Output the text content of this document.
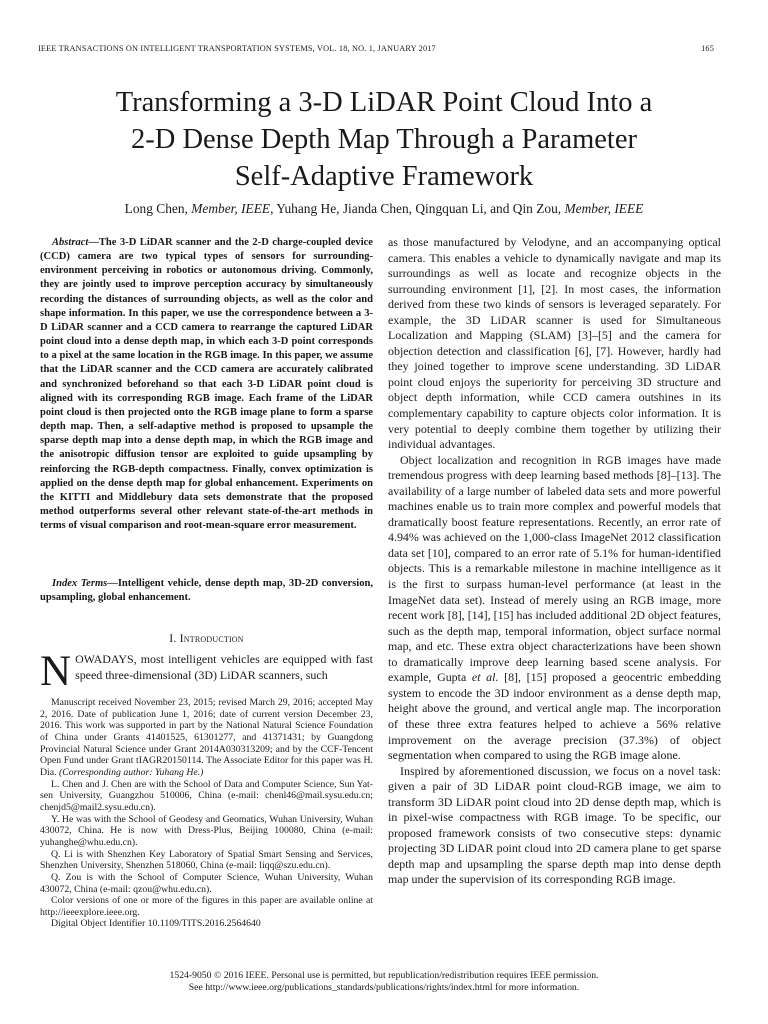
IEEE TRANSACTIONS ON INTELLIGENT TRANSPORTATION SYSTEMS, VOL. 18, NO. 1, JANUARY 2017	165
Transforming a 3-D LiDAR Point Cloud Into a
2-D Dense Depth Map Through a Parameter
Self-Adaptive Framework
Long Chen, Member, IEEE, Yuhang He, Jianda Chen, Qingquan Li, and Qin Zou, Member, IEEE
Abstract—The 3-D LiDAR scanner and the 2-D charge-coupled device (CCD) camera are two typical types of sensors for surrounding-environment perceiving in robotics or autonomous driving. Commonly, they are jointly used to improve perception accuracy by simultaneously recording the distances of surrounding objects, as well as the color and shape information. In this paper, we use the correspondence between a 3-D LiDAR scanner and a CCD camera to rearrange the captured LiDAR point cloud into a dense depth map, in which each 3-D point corresponds to a pixel at the same location in the RGB image. In this paper, we assume that the LiDAR scanner and the CCD camera are accurately calibrated and synchronized beforehand so that each 3-D LiDAR point cloud is aligned with its corresponding RGB image. Each frame of the LiDAR point cloud is then projected onto the RGB image plane to form a sparse depth map. Then, a self-adaptive method is proposed to upsample the sparse depth map into a dense depth map, in which the RGB image and the anisotropic diffusion tensor are exploited to guide upsampling by reinforcing the RGB-depth compactness. Finally, convex optimization is applied on the dense depth map for global enhancement. Experiments on the KITTI and Middlebury data sets demonstrate that the proposed method outperforms several other relevant state-of-the-art methods in terms of visual comparison and root-mean-square error measurement.
Index Terms—Intelligent vehicle, dense depth map, 3D-2D conversion, upsampling, global enhancement.
I. Introduction
NOWADAYS, most intelligent vehicles are equipped with fast speed three-dimensional (3D) LiDAR scanners, such

Manuscript received November 23, 2015; revised March 29, 2016; accepted May 2, 2016. Date of publication June 1, 2016; date of current version December 23, 2016. This work was supported in part by the National Natural Science Foundation of China under Grants 41401525, 61301277, and 41371431; by Guangdong Provincial Natural Science under Grant 2014A030313209; and by the CCF-Tencent Open Fund under Grant tIAGR20150114. The Associate Editor for this paper was H. Dia. (Corresponding author: Yuhang He.)

L. Chen and J. Chen are with the School of Data and Computer Science, Sun Yat-sen University, Guangzhou 510006, China (e-mail: chenl46@mail.sysu.edu.cn; chenjd5@mail2.sysu.edu.cn).

Y. He was with the School of Geodesy and Geomatics, Wuhan University, Wuhan 430072, China. He is now with Dress-Plus, Beijing 100080, China (e-mail: yuhanghe@whu.edu.cn).

Q. Li is with Shenzhen Key Laboratory of Spatial Smart Sensing and Services, Shenzhen University, Shenzhen 518060, China (e-mail: liqq@szu.edu.cn).

Q. Zou is with the School of Computer Science, Wuhan University, Wuhan 430072, China (e-mail: qzou@whu.edu.cn).

Color versions of one or more of the figures in this paper are available online at http://ieeexplore.ieee.org.

Digital Object Identifier 10.1109/TITS.2016.2564640

as those manufactured by Velodyne, and an accompanying optical camera. This enables a vehicle to dynamically navigate and map its surroundings as well as locate and recognize objects in the surrounding environment [1], [2]. In most cases, the information derived from these two kinds of sensors is leveraged separately. For example, the 3D LiDAR scanner is used for Simultaneous Localization and Mapping (SLAM) [3]–[5] and the camera for objection detection and classification [6], [7]. However, hardly had they joined together to improve scene understanding. 3D LiDAR point cloud enjoys the superiority for perceiving 3D structure and object depth information, while CCD camera outshines in its complementary capability to capture objects color information. It is very potential to deeply combine them together by utilizing their individual advantages.

Object localization and recognition in RGB images have made tremendous progress with deep learning based methods [8]–[13]. The availability of a large number of labeled data sets and more powerful machines enable us to train more complex and powerful models that dramatically boost feature representations. Recently, an error rate of 4.94% was achieved on the 1,000-class ImageNet 2012 classification data set [10], compared to an error rate of 5.1% for human-identified objects. This is a remarkable milestone in machine intelligence as it is the first to surpass human-level performance (at least in the ImageNet data set). Instead of merely using an RGB image, more recent work [8], [14], [15] has included additional 2D object features, such as the depth map, temporal information, object surface normal map, and etc. These extra object characterizations have been shown to dramatically improve deep learning based scene analysis. For example, Gupta et al. [8], [15] proposed a geocentric embedding system to encode the 3D indoor environment as a dense depth map, height above the ground, and vertical angle map. The incorporation of these three extra features helped to achieve a 56% relative improvement on the average precision (37.3%) of object segmentation when compared to using the RGB image alone.

Inspired by aforementioned discussion, we focus on a novel task: given a pair of 3D LiDAR point cloud-RGB image, we aim to transform 3D LiDAR point cloud into 2D dense depth map, which is in pixel-wise compactness with RGB image. To be specific, our proposed framework consists of two consecutive steps: dynamic projecting 3D LiDAR point cloud into 2D camera plane to get sparse depth map and upsampling the sparse depth map into dense depth map under the supervision of its corresponding RGB image.

1524-9050 © 2016 IEEE. Personal use is permitted, but republication/redistribution requires IEEE permission.
See http://www.ieee.org/publications_standards/publications/rights/index.html for more information.
